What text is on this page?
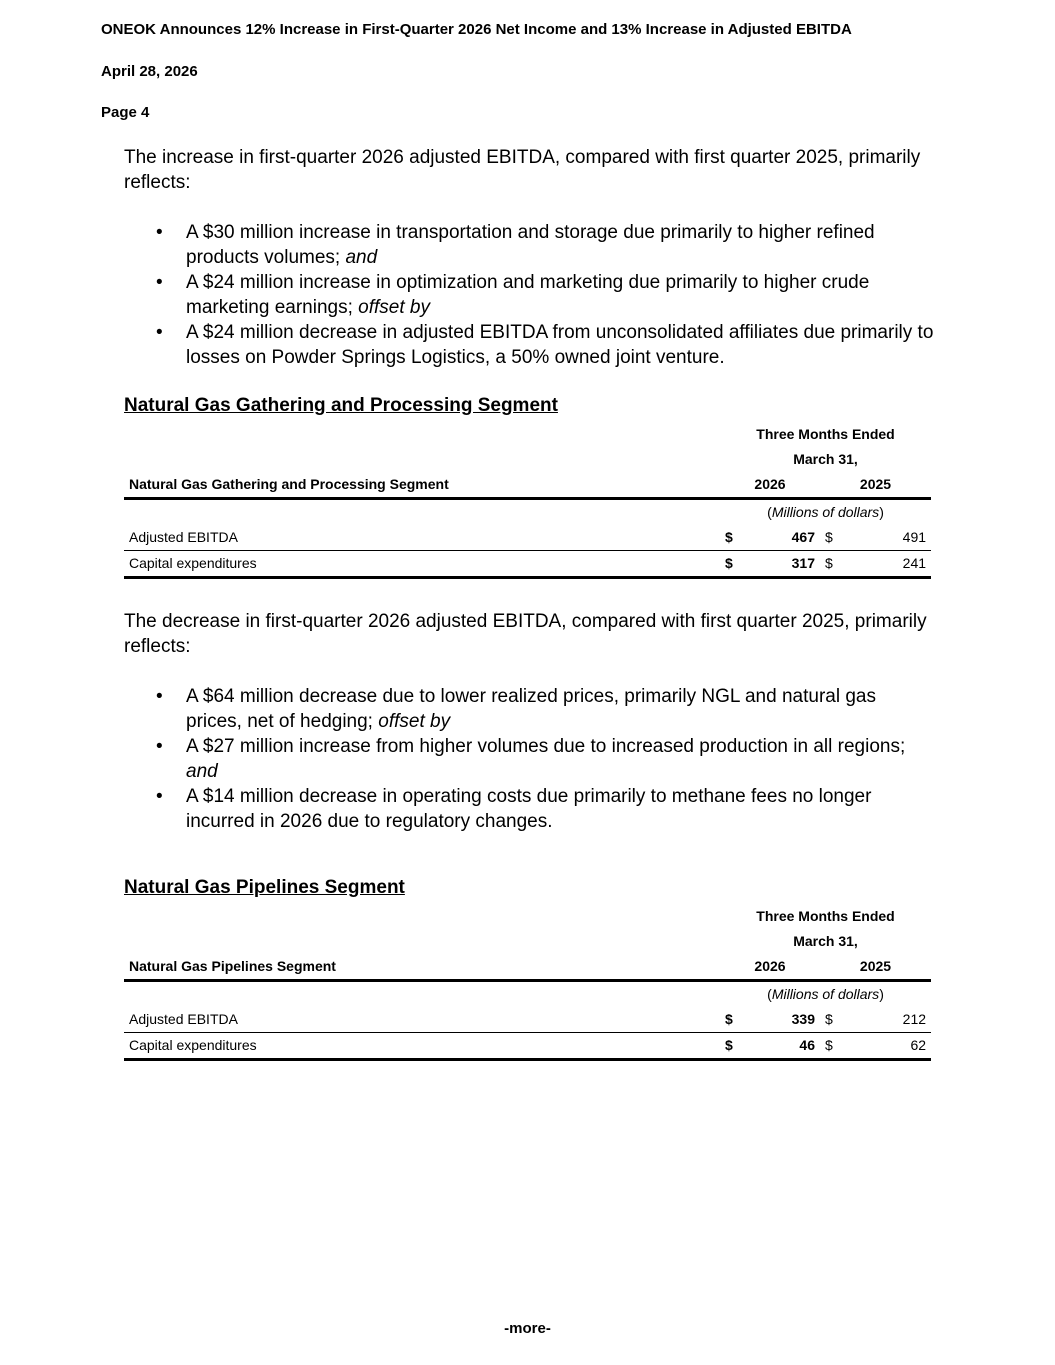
ONEOK Announces 12% Increase in First-Quarter 2026 Net Income and 13% Increase in Adjusted EBITDA
April 28, 2026
Page 4

The increase in first-quarter 2026 adjusted EBITDA, compared with first quarter 2025, primarily reflects:

• A $30 million increase in transportation and storage due primarily to higher refined products volumes; and
• A $24 million increase in optimization and marketing due primarily to higher crude marketing earnings; offset by
• A $24 million decrease in adjusted EBITDA from unconsolidated affiliates due primarily to losses on Powder Springs Logistics, a 50% owned joint venture.

Natural Gas Gathering and Processing Segment

	Three Months Ended			
	March 31,			
Natural Gas Gathering and Processing Segment	2026		2025	
	(Millions of dollars)			
Adjusted EBITDA	$	467	$	491
Capital expenditures	$	317	$	241

The decrease in first-quarter 2026 adjusted EBITDA, compared with first quarter 2025, primarily reflects:

• A $64 million decrease due to lower realized prices, primarily NGL and natural gas prices, net of hedging; offset by
• A $27 million increase from higher volumes due to increased production in all regions; and
• A $14 million decrease in operating costs due primarily to methane fees no longer incurred in 2026 due to regulatory changes.

Natural Gas Pipelines Segment

	Three Months Ended			
	March 31,			
Natural Gas Pipelines Segment	2026		2025	
	(Millions of dollars)			
Adjusted EBITDA	$	339	$	212
Capital expenditures	$	46	$	62
-more-
